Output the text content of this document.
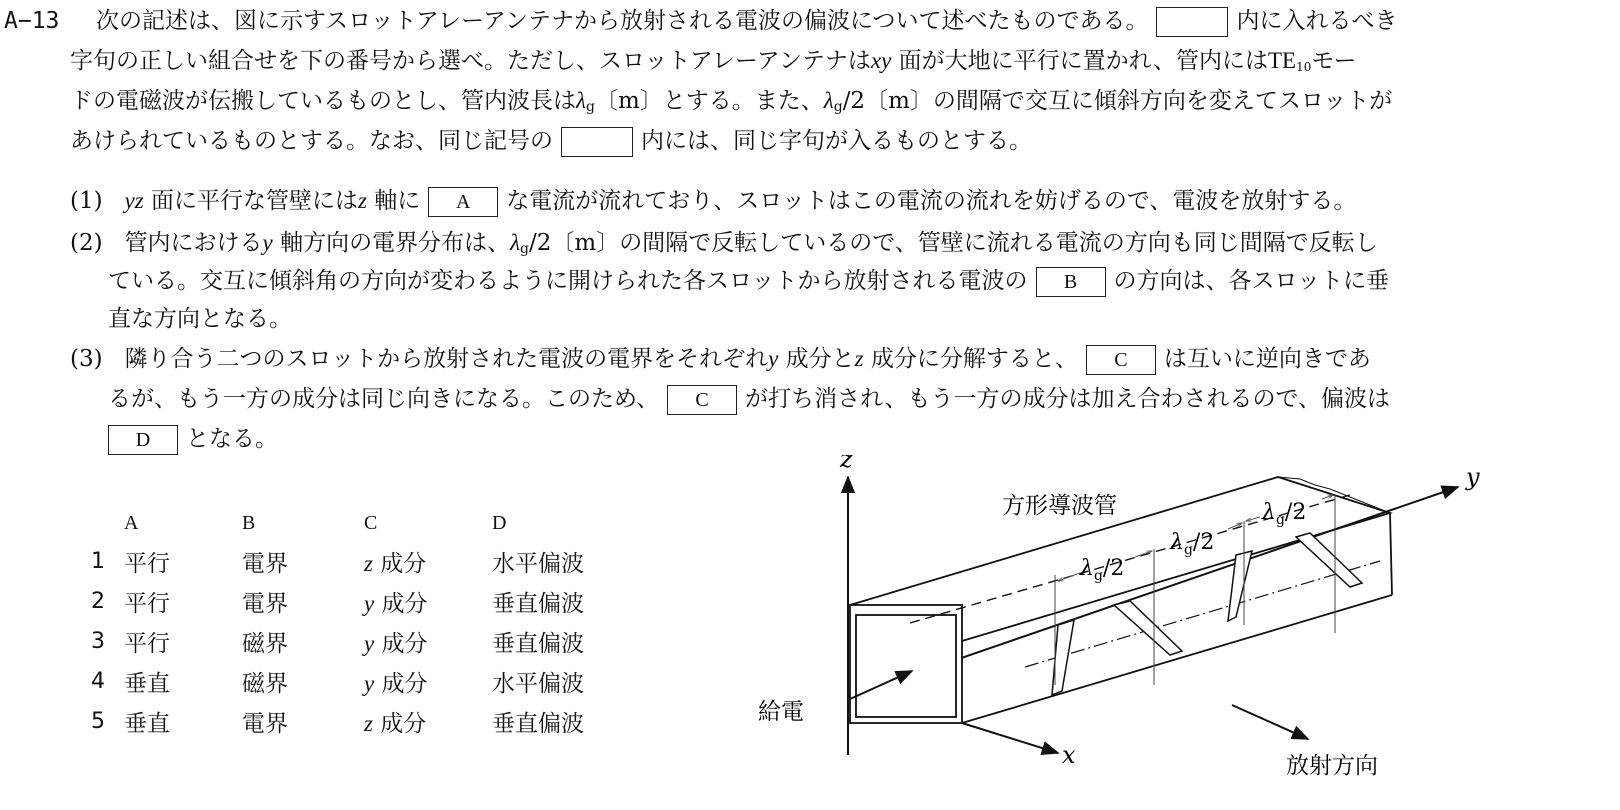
A−13 次の記述は、図に示すスロットアレーアンテナから放射される電波の偏波について述べたものである。	内に入れるべき
字句の正しい組合せを下の番号から選べ。ただし、スロットアレーアンテナはxy 面が大地に平行に置かれ、管内にはTE10モー
ドの電磁波が伝搬しているものとし、管内波長は$\lambda_g$〔m〕とする。また、$\lambda_g/2$〔m〕の間隔で交互に傾斜方向を変えてスロットが
あけられているものとする。なお、同じ記号の	内には、同じ字句が入るものとする。
(1) yz 面に平行な管壁にはz 軸に A な電流が流れており、スロットはこの電流の流れを妨げるので、電波を放射する。
(2) 管内におけるy 軸方向の電界分布は、$\lambda_g/2$〔m〕の間隔で反転しているので、管壁に流れる電流の方向も同じ間隔で反転し
ている。交互に傾斜角の方向が変わるように開けられた各スロットから放射される電波の B の方向は、各スロットに垂
直な方向となる。
(3) 隣り合う二つのスロットから放射された電波の電界をそれぞれy 成分とz 成分に分解すると、 C は互いに逆向きであ
るが、もう一方の成分は同じ向きになる。このため、 C が打ち消され、もう一方の成分は加え合わされるので、偏波は
D となる。
	A	B	C	D
1	平行	電界	z 成分	水平偏波
2	平行	電界	y 成分	垂直偏波
3	平行	磁界	y 成分	垂直偏波
4	垂直	磁界	y 成分	水平偏波
5	垂直	電界	z 成分	垂直偏波
z
y
x
$\lambda_g/2$
$\lambda_g/2$
$\lambda_g/2$
方形導波管
給電
放射方向
